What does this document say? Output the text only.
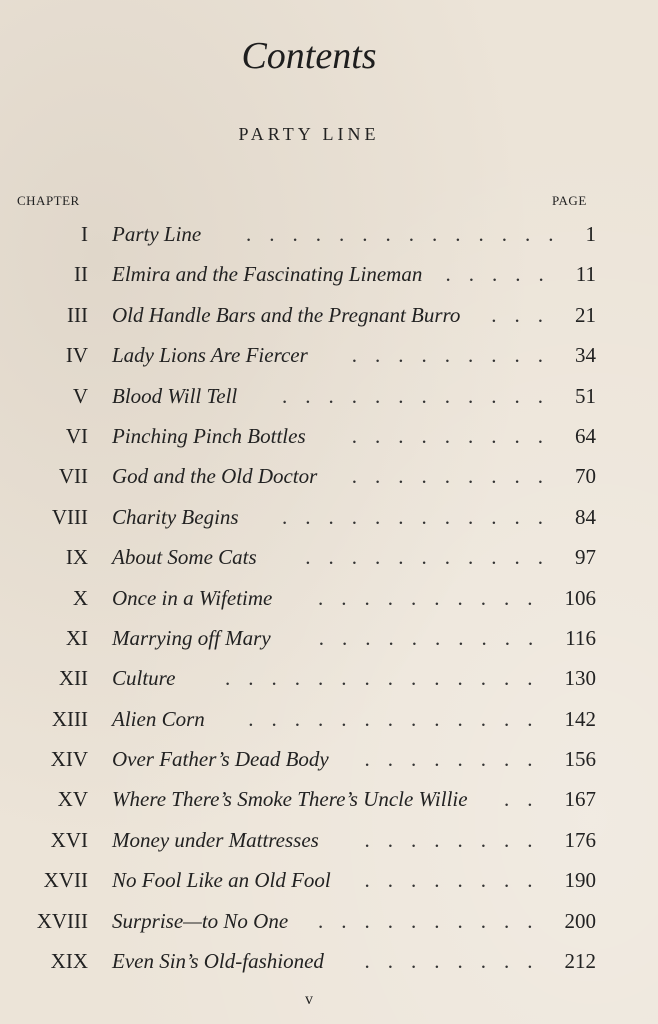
Contents
PARTY LINE
CHAPTER	PAGE
I Party Line	1
..............
II Elmira and the Fascinating Lineman	11
.....
III Old Handle Bars and the Pregnant Burro	21
...
IV Lady Lions Are Fiercer	34
.........
V Blood Will Tell	51
............
VI Pinching Pinch Bottles	64
.........
VII God and the Old Doctor	70
.........
VIII Charity Begins	84
............
IX About Some Cats	97
...........
X Once in a Wifetime	106
..........
XI Marrying off Mary	116
..........
XII Culture	130
..............
XIII Alien Corn	142
.............
XIV Over Father’s Dead Body	156
........
XV Where There’s Smoke There’s Uncle Willie	167
..
XVI Money under Mattresses	176
........
XVII No Fool Like an Old Fool	190
........
XVIII Surprise—to No One	200
..........
XIX Even Sin’s Old-fashioned	212
........
v
